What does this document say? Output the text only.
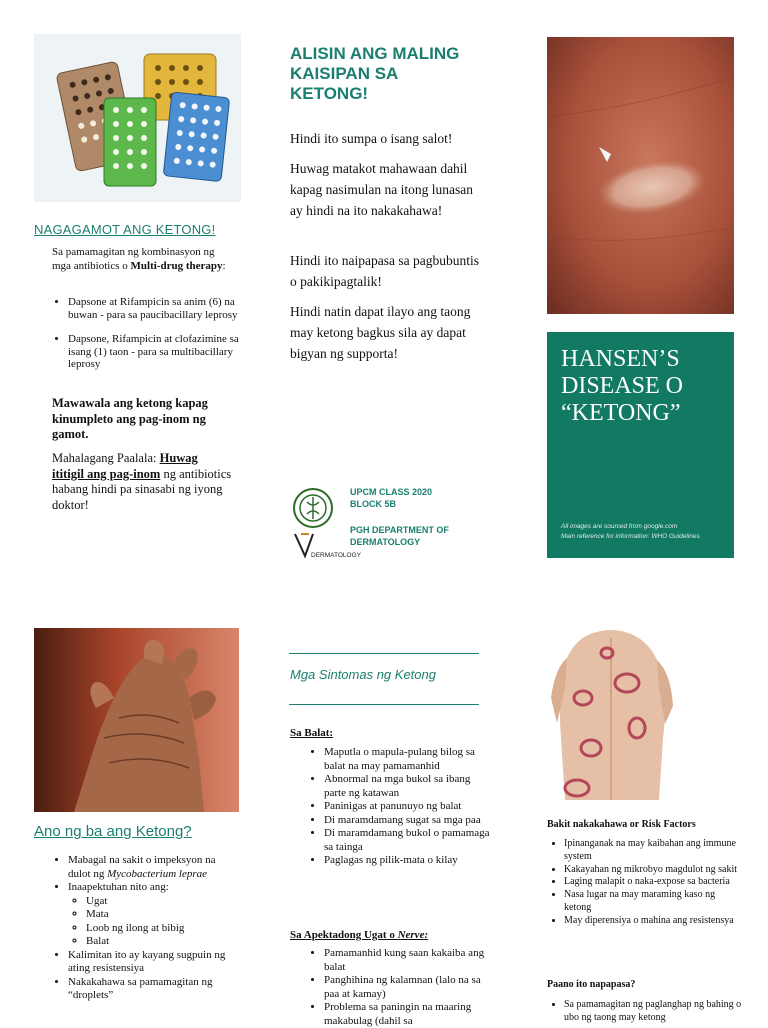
NAGAGAMOT ANG KETONG!
Sa pamamagitan ng kombinasyon ng mga antibiotics o Multi-drug therapy:
• Dapsone at Rifampicin sa anim (6) na buwan - para sa paucibacillary leprosy
• Dapsone, Rifampicin at clofazimine sa isang (1) taon - para sa multibacillary leprosy
Mawawala ang ketong kapag kinumpleto ang pag-inom ng gamot.
Mahalagang Paalala: Huwag ititigil ang pag-inom ng antibiotics habang hindi pa sinasabi ng iyong doktor!
ALISIN ANG MALING KAISIPAN SA KETONG!
Hindi ito sumpa o isang salot!
Huwag matakot mahawaan dahil kapag nasimulan na itong lunasan ay hindi na ito nakakahawa!
Hindi ito naipapasa sa pagbubuntis o pakikipagtalik!
Hindi natin dapat ilayo ang taong may ketong bagkus sila ay dapat bigyan ng supporta!
DERMATOLOGY
UPCM CLASS 2020
BLOCK 5B
PGH DEPARTMENT OF
DERMATOLOGY
HANSEN’S DISEASE O “KETONG”
All images are sourced from google.com
Main reference for information: WHO Guidelines
Ano ng ba ang Ketong?
• Mabagal na sakit o impeksyon na dulot ng Mycobacterium leprae
• Inaapektuhan nito ang:
◦ Ugat
◦ Mata
◦ Loob ng ilong at bibig
◦ Balat
• Kalimitan ito ay kayang sugpuin ng ating resistensiya
• Nakakahawa sa pamamagitan ng “droplets”
Mga Sintomas ng Ketong
Sa Balat:
• Maputla o mapula-pulang bilog sa balat na may pamamanhid
• Abnormal na mga bukol sa ibang parte ng katawan
• Paninigas at panunuyo ng balat
• Di maramdamang sugat sa mga paa
• Di maramdamang bukol o pamamaga sa tainga
• Paglagas ng pilik-mata o kilay
Sa Apektadong Ugat o Nerve:
• Pamamanhid kung saan kakaiba ang balat
• Panghihina ng kalamnan (lalo na sa paa at kamay)
• Problema sa paningin na maaring makabulag (dahil sa
Bakit nakakahawa or Risk Factors
• Ipinanganak na may kaibahan ang immune system
• Kakayahan ng mikrobyo magdulot ng sakit
• Laging malapit o naka-expose sa bacteria
• Nasa lugar na may maraming kaso ng ketong
• May diperensiya o mahina ang resistensya
Paano ito napapasa?
• Sa pamamagitan ng paglanghap ng bahing o ubo ng taong may ketong
